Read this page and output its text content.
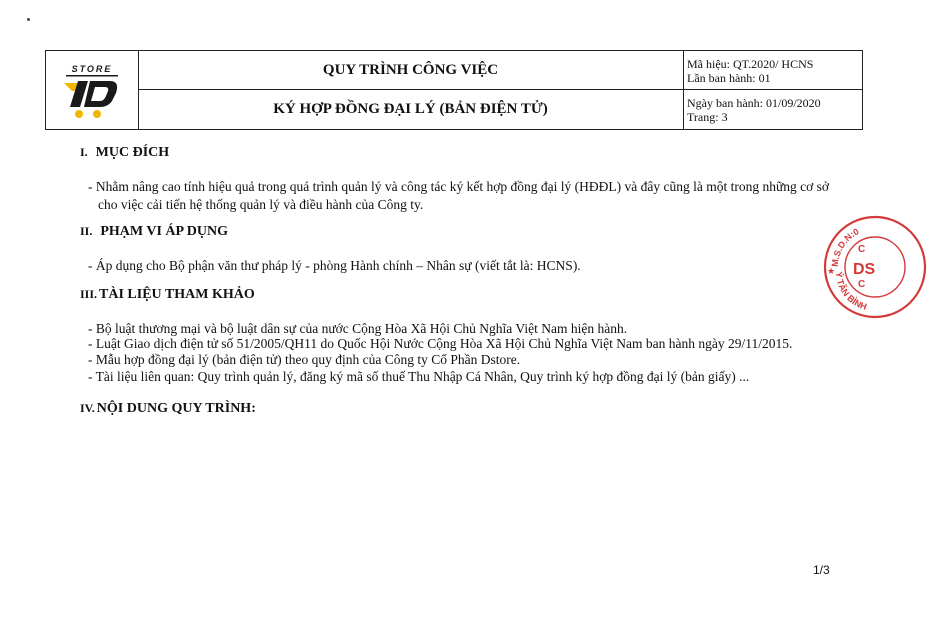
STORE	QUY TRÌNH CÔNG VIỆC
KÝ HỢP ĐỒNG ĐẠI LÝ (BẢN ĐIỆN TỬ)
Mã hiệu: QT.2020/ HCNS
Lần ban hành: 01
Ngày ban hành: 01/09/2020
Trang: 3
I. MỤC ĐÍCH
- Nhằm nâng cao tính hiệu quả trong quá trình quản lý và công tác ký kết hợp đồng đại lý (HĐĐL) và đây cũng là một trong những cơ sở
cho việc cải tiến hệ thống quản lý và điều hành của Công ty.
II. PHẠM VI ÁP DỤNG
- Áp dụng cho Bộ phận văn thư pháp lý - phòng Hành chính – Nhân sự (viết tắt là: HCNS).
III. TÀI LIỆU THAM KHẢO
- Bộ luật thương mại và bộ luật dân sự của nước Cộng Hòa Xã Hội Chủ Nghĩa Việt Nam hiện hành.
- Luật Giao dịch điện tử số 51/2005/QH11 do Quốc Hội Nước Cộng Hòa Xã Hội Chủ Nghĩa Việt Nam ban hành ngày 29/11/2015.
- Mẫu hợp đồng đại lý (bản điện tử) theo quy định của Công ty Cổ Phần Dstore.
- Tài liệu liên quan: Quy trình quản lý, đăng ký mã số thuế Thu Nhập Cá Nhân, Quy trình ký hợp đồng đại lý (bản giấy) ...
IV. NỘI DUNG QUY TRÌNH:
M.S.D.N:0
Ỷ TÂN BÌNH
★
C
C
DS
1/3
